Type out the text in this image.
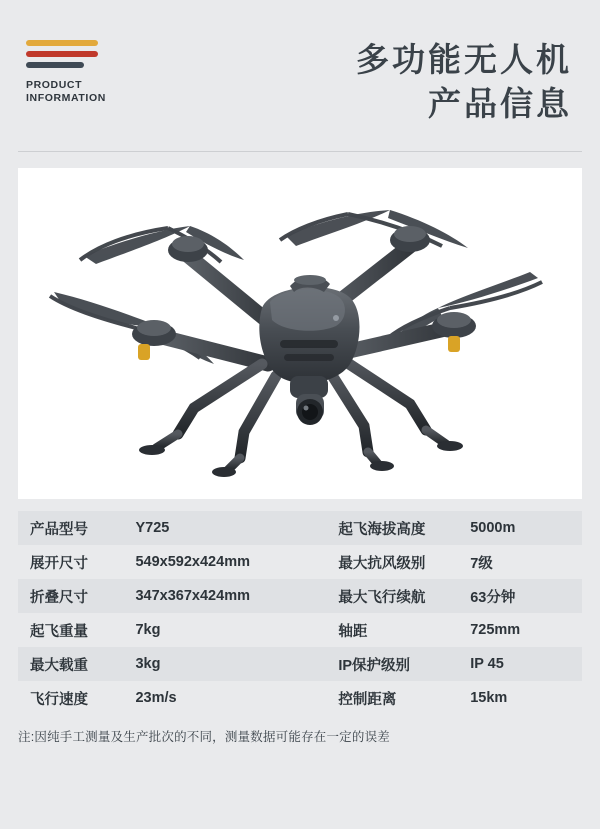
PRODUCT
INFORMATION
多功能无人机
产品信息
产品型号	Y725	起飞海拔高度	5000m
展开尺寸	549x592x424mm	最大抗风级别	7级
折叠尺寸	347x367x424mm	最大飞行续航	63分钟
起飞重量	7kg	轴距	725mm
最大载重	3kg	IP保护级别	IP 45
飞行速度	23m/s	控制距离	15km
注:因纯手工测量及生产批次的不同，测量数据可能存在一定的误差
